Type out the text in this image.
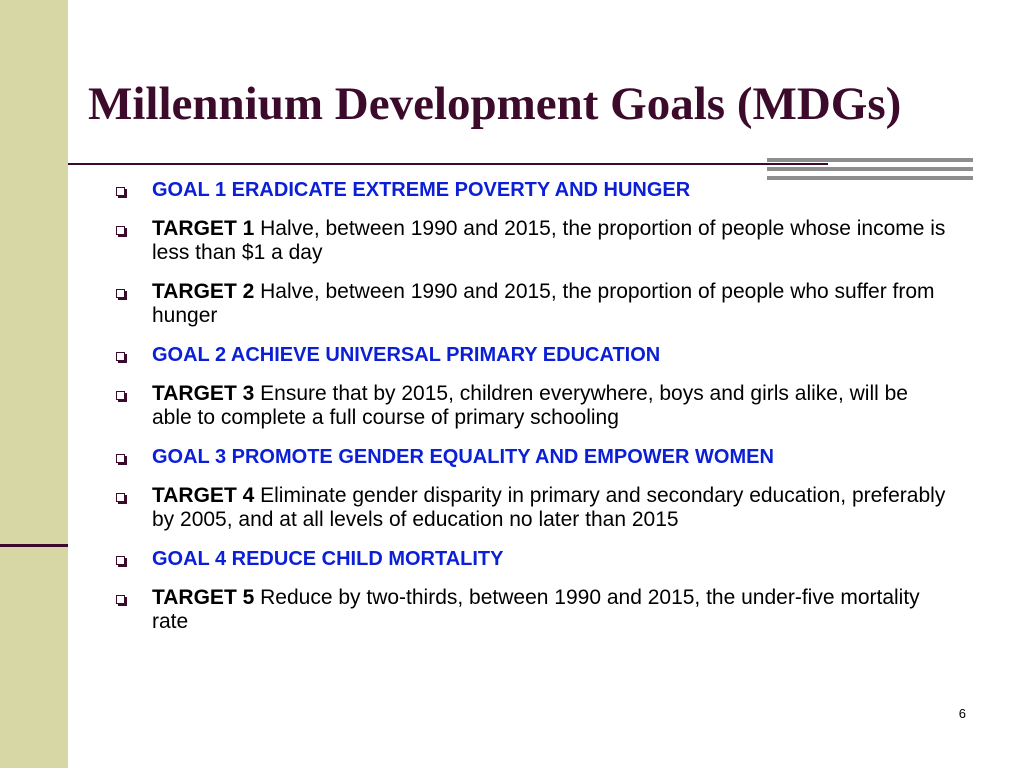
Millennium Development Goals (MDGs)
GOAL 1 ERADICATE EXTREME POVERTY AND HUNGER
TARGET 1 Halve, between 1990 and 2015, the proportion of people whose income is less than $1 a day
TARGET 2 Halve, between 1990 and 2015, the proportion of people who suffer from hunger
GOAL 2 ACHIEVE UNIVERSAL PRIMARY EDUCATION
TARGET 3 Ensure that by 2015, children everywhere, boys and girls alike, will be able to complete a full course of primary schooling
GOAL 3 PROMOTE GENDER EQUALITY AND EMPOWER WOMEN
TARGET 4 Eliminate gender disparity in primary and secondary education, preferably by 2005, and at all levels of education no later than 2015
GOAL 4 REDUCE CHILD MORTALITY
TARGET 5 Reduce by two-thirds, between 1990 and 2015, the under-five mortality rate
6
